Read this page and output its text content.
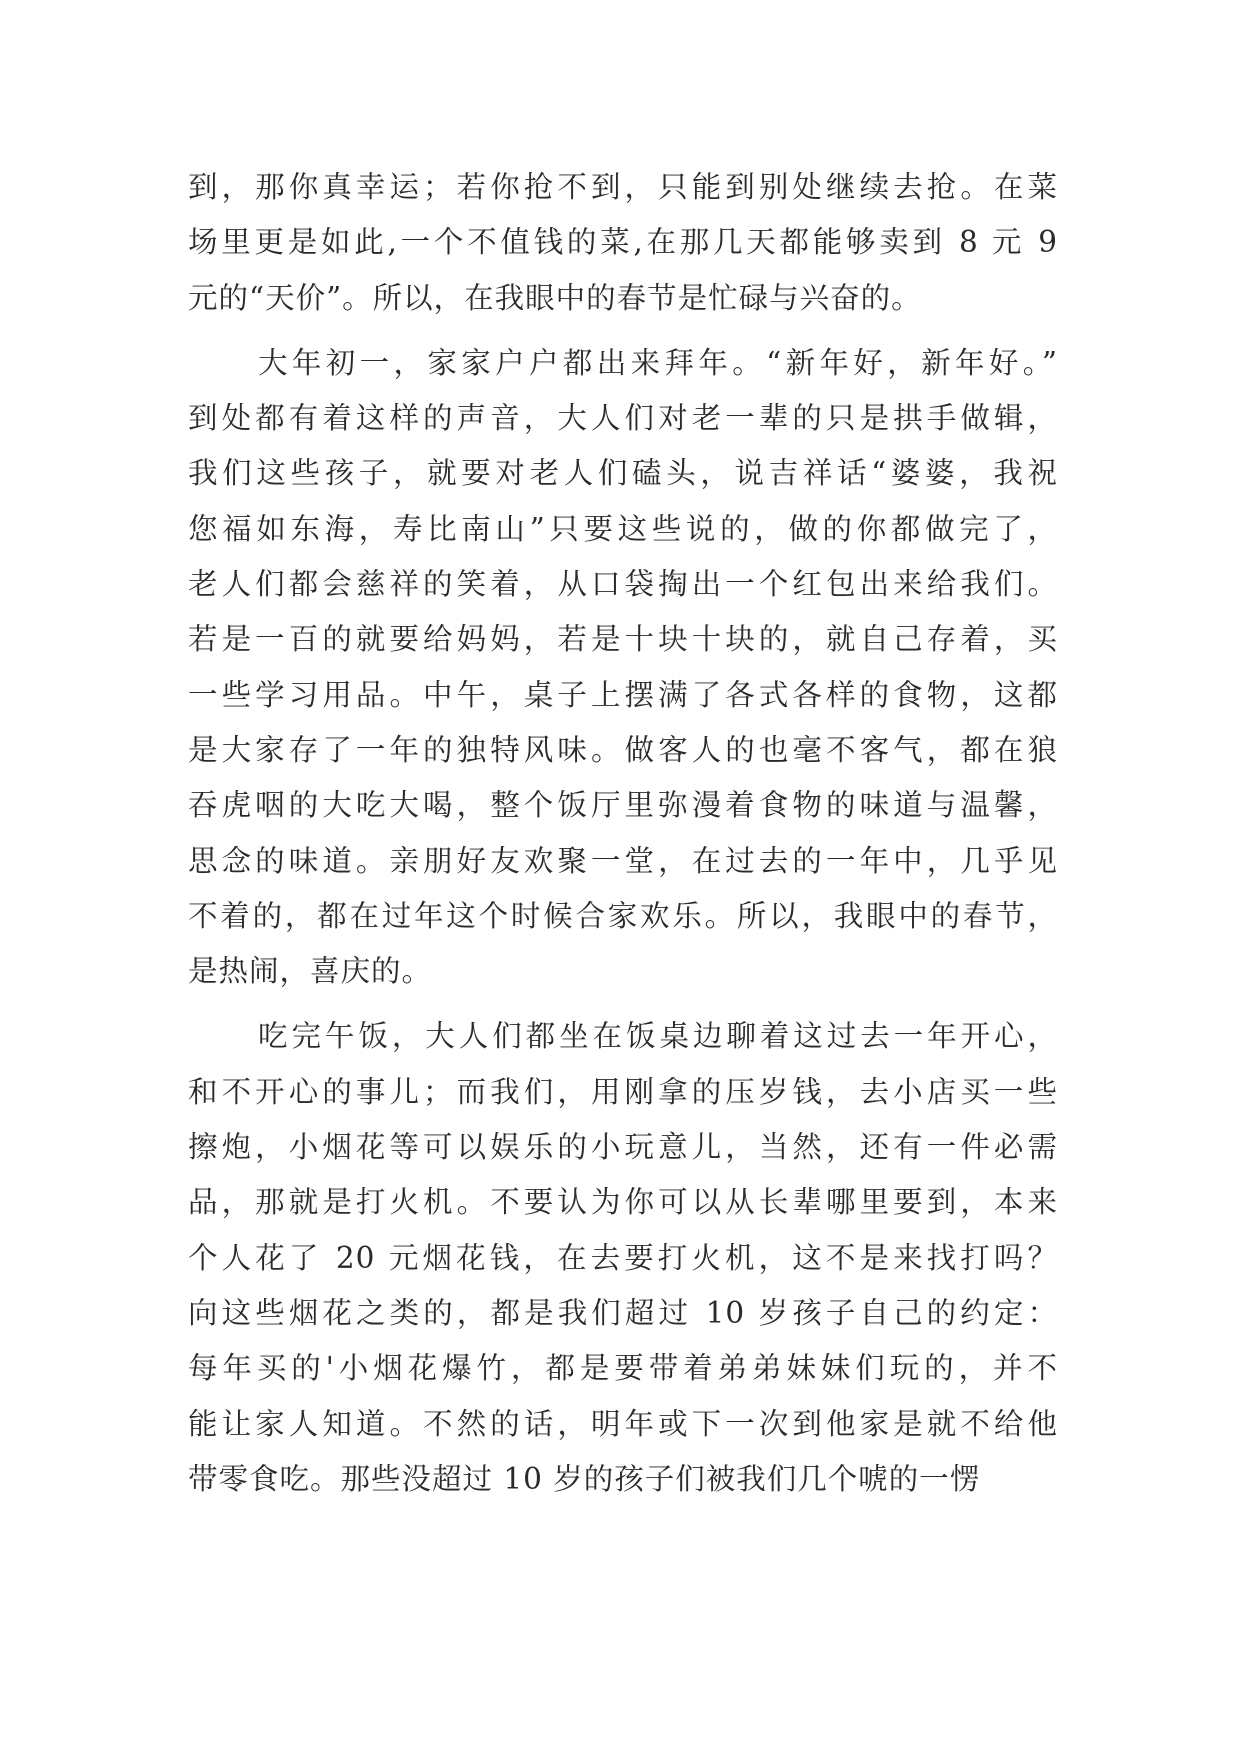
到，那你真幸运；若你抢不到，只能到别处继续去抢。在菜
场里更是如此,一个不值钱的菜,在那几天都能够卖到 8 元 9
元的“天价”。所以，在我眼中的春节是忙碌与兴奋的。
大年初一，家家户户都出来拜年。“新年好，新年好。”
到处都有着这样的声音，大人们对老一辈的只是拱手做辑，
我们这些孩子，就要对老人们磕头，说吉祥话“婆婆，我祝
您福如东海，寿比南山”只要这些说的，做的你都做完了，
老人们都会慈祥的笑着，从口袋掏出一个红包出来给我们。
若是一百的就要给妈妈，若是十块十块的，就自己存着，买
一些学习用品。中午，桌子上摆满了各式各样的食物，这都
是大家存了一年的独特风味。做客人的也毫不客气，都在狼
吞虎咽的大吃大喝，整个饭厅里弥漫着食物的味道与温馨，
思念的味道。亲朋好友欢聚一堂，在过去的一年中，几乎见
不着的，都在过年这个时候合家欢乐。所以，我眼中的春节，
是热闹，喜庆的。
吃完午饭，大人们都坐在饭桌边聊着这过去一年开心，
和不开心的事儿；而我们，用刚拿的压岁钱，去小店买一些
擦炮，小烟花等可以娱乐的小玩意儿，当然，还有一件必需
品，那就是打火机。不要认为你可以从长辈哪里要到，本来
个人花了 20 元烟花钱，在去要打火机，这不是来找打吗？
向这些烟花之类的，都是我们超过 10 岁孩子自己的约定：
每年买的'小烟花爆竹，都是要带着弟弟妹妹们玩的，并不
能让家人知道。不然的话，明年或下一次到他家是就不给他
带零食吃。那些没超过 10 岁的孩子们被我们几个唬的一愣
